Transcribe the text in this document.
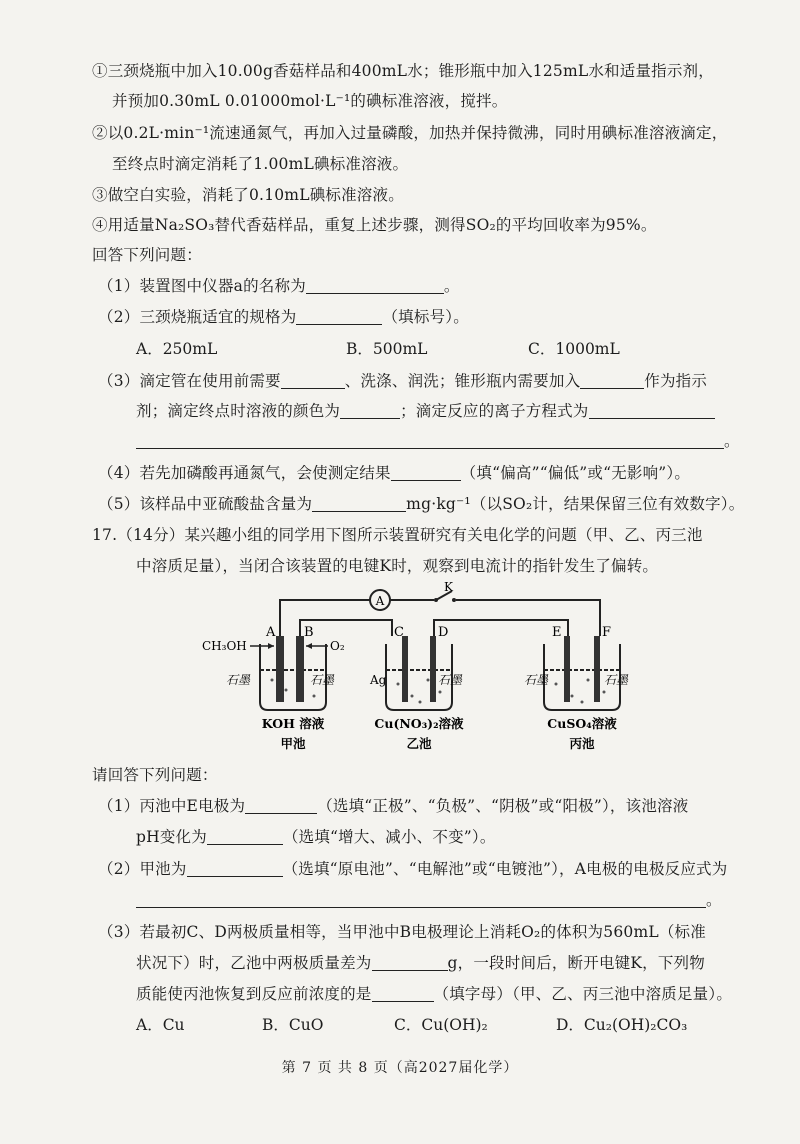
①三颈烧瓶中加入10.00g香菇样品和400mL水；锥形瓶中加入125mL水和适量指示剂，
并预加0.30mL 0.01000mol·L⁻¹的碘标准溶液，搅拌。
②以0.2L·min⁻¹流速通氮气，再加入过量磷酸，加热并保持微沸，同时用碘标准溶液滴定，
至终点时滴定消耗了1.00mL碘标准溶液。
③做空白实验，消耗了0.10mL碘标准溶液。
④用适量Na₂SO₃替代香菇样品，重复上述步骤，测得SO₂的平均回收率为95%。
回答下列问题：
（1）装置图中仪器a的名称为	。
（2）三颈烧瓶适宜的规格为	（填标号）。
A．250mL	B．500mL	C．1000mL
（3）滴定管在使用前需要	、洗涤、润洗；锥形瓶内需要加入	作为指示
剂；滴定终点时溶液的颜色为	；滴定反应的离子方程式为
。
（4）若先加磷酸再通氮气，会使测定结果	（填“偏高”“偏低”或“无影响”）。
（5）该样品中亚硫酸盐含量为	mg·kg⁻¹（以SO₂计，结果保留三位有效数字）。
17.（14分）某兴趣小组的同学用下图所示装置研究有关电化学的问题（甲、乙、丙三池
中溶质足量），当闭合该装置的电键K时，观察到电流计的指针发生了偏转。
A
K
A B	C	D	E	F
CH₃OH	O₂
石墨	石墨	Ag	石墨	石墨	石墨
KOH 溶液	Cu(NO₃)₂溶液	CuSO₄溶液
甲池	乙池	丙池
请回答下列问题：
（1）丙池中E电极为	（选填“正极”、“负极”、“阴极”或“阳极”），该池溶液
pH变化为	（选填“增大、减小、不变”）。
（2）甲池为	（选填“原电池”、“电解池”或“电镀池”），A电极的电极反应式为
。
（3）若最初C、D两极质量相等，当甲池中B电极理论上消耗O₂的体积为560mL（标准
状况下）时，乙池中两极质量差为	g，一段时间后，断开电键K，下列物
质能使丙池恢复到反应前浓度的是	（填字母）（甲、乙、丙三池中溶质足量）。
A．Cu	B．CuO	C．Cu(OH)₂	D．Cu₂(OH)₂CO₃
第 7 页 共 8 页（高2027届化学）
